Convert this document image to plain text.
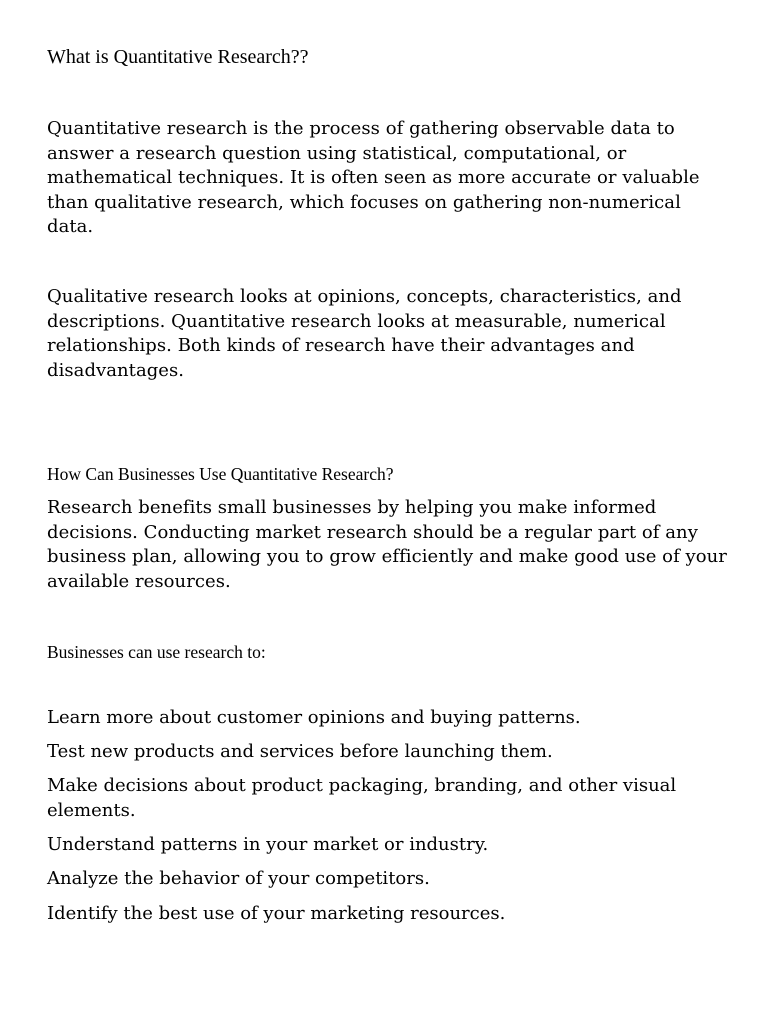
What is Quantitative Research??

Quantitative research is the process of gathering observable data to answer a research question using statistical, computational, or mathematical techniques. It is often seen as more accurate or valuable than qualitative research, which focuses on gathering non-numerical data.

Qualitative research looks at opinions, concepts, characteristics, and descriptions. Quantitative research looks at measurable, numerical relationships. Both kinds of research have their advantages and disadvantages.

How Can Businesses Use Quantitative Research?

Research benefits small businesses by helping you make informed decisions. Conducting market research should be a regular part of any business plan, allowing you to grow efficiently and make good use of your available resources.

Businesses can use research to:
Learn more about customer opinions and buying patterns.
Test new products and services before launching them.
Make decisions about product packaging, branding, and other visual elements.
Understand patterns in your market or industry.
Analyze the behavior of your competitors.
Identify the best use of your marketing resources.
